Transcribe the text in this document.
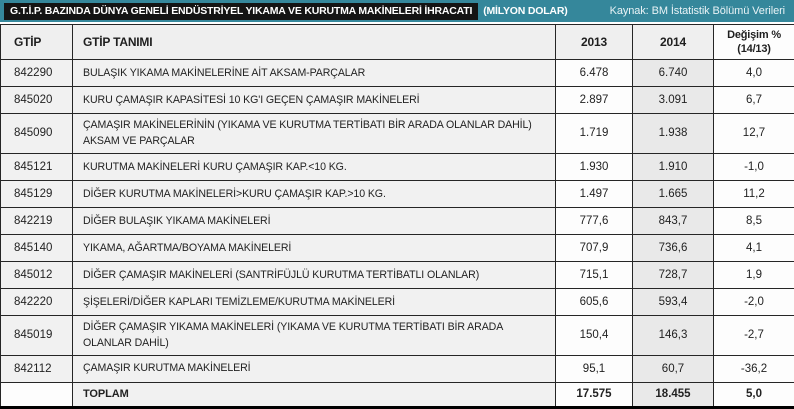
G.T.İ.P. BAZINDA DÜNYA GENELİ ENDÜSTRİYEL YIKAMA VE KURUTMA MAKİNELERİ İHRACATI	(MİLYON DOLAR)	Kaynak: BM İstatistik Bölümü Verileri
GTİP	GTİP TANIMI	2013	2014	Değişim %
(14/13)

842290	BULAŞIK YIKAMA MAKİNELERİNE AİT AKSAM-PARÇALAR	6.478	6.740	4,0
845020	KURU ÇAMAŞIR KAPASİTESİ 10 KG'I GEÇEN ÇAMAŞIR MAKİNELERİ	2.897	3.091	6,7
845090	ÇAMAŞIR MAKİNELERİNİN (YIKAMA VE KURUTMA TERTİBATI BİR ARADA OLANLAR DAHİL) AKSAM VE PARÇALAR	1.719	1.938	12,7
845121	KURUTMA MAKİNELERİ KURU ÇAMAŞIR KAP.<10 KG.	1.930	1.910	-1,0
845129	DİĞER KURUTMA MAKİNELERİ>KURU ÇAMAŞIR KAP.>10 KG.	1.497	1.665	11,2
842219	DİĞER BULAŞIK YIKAMA MAKİNELERİ	777,6	843,7	8,5
845140	YIKAMA, AĞARTMA/BOYAMA MAKİNELERİ	707,9	736,6	4,1
845012	DİĞER ÇAMAŞIR MAKİNELERİ (SANTRİFÜJLÜ KURUTMA TERTİBATLI OLANLAR)	715,1	728,7	1,9
842220	ŞİŞELERİ/DİĞER KAPLARI TEMİZLEME/KURUTMA MAKİNELERİ	605,6	593,4	-2,0
845019	DİĞER ÇAMAŞIR YIKAMA MAKİNELERİ (YIKAMA VE KURUTMA TERTİBATI BİR ARADA OLANLAR DAHİL)	150,4	146,3	-2,7
842112	ÇAMAŞIR KURUTMA MAKİNELERİ	95,1	60,7	-36,2
	TOPLAM	17.575	18.455	5,0
